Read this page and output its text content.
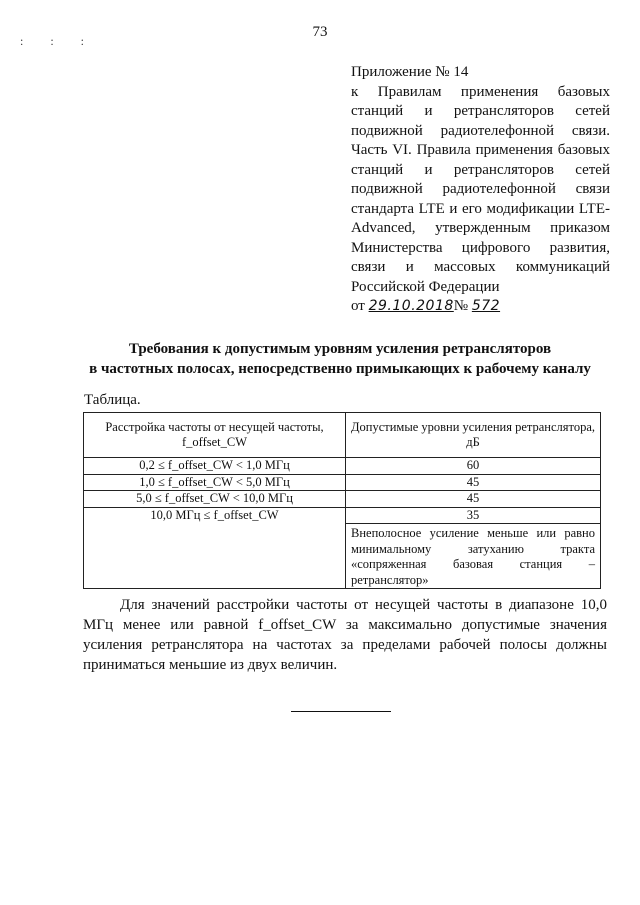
73
: : :
Приложение № 14
к Правилам применения базовых станций и ретрансляторов сетей подвижной радиотелефонной связи. Часть VI. Правила применения базовых станций и ретрансляторов сетей подвижной радиотелефонной связи стандарта LTE и его модификации LTE-Advanced, утвержденным приказом Министерства цифрового развития, связи и массовых коммуникаций Российской Федерации
от 29.10.2018№ 572
Требования к допустимым уровням усиления ретрансляторов
в частотных полосах, непосредственно примыкающих к рабочему каналу
Таблица.
Расстройка частоты от несущей частоты, f_offset_CW	Допустимые уровни усиления ретранслятора, дБ
0,2 ≤ f_offset_CW < 1,0 МГц	60
1,0 ≤ f_offset_CW < 5,0 МГц	45
5,0 ≤ f_offset_CW < 10,0 МГц	45
10,0 МГц ≤ f_offset_CW	35
Внеполосное усиление меньше или равно минимальному затуханию тракта «сопряженная базовая станция – ретранслятор»
Для значений расстройки частоты от несущей частоты в диапазоне 10,0 МГц менее или равной f_offset_CW за максимально допустимые значения усиления ретранслятора на частотах за пределами рабочей полосы должны приниматься меньшие из двух величин.
